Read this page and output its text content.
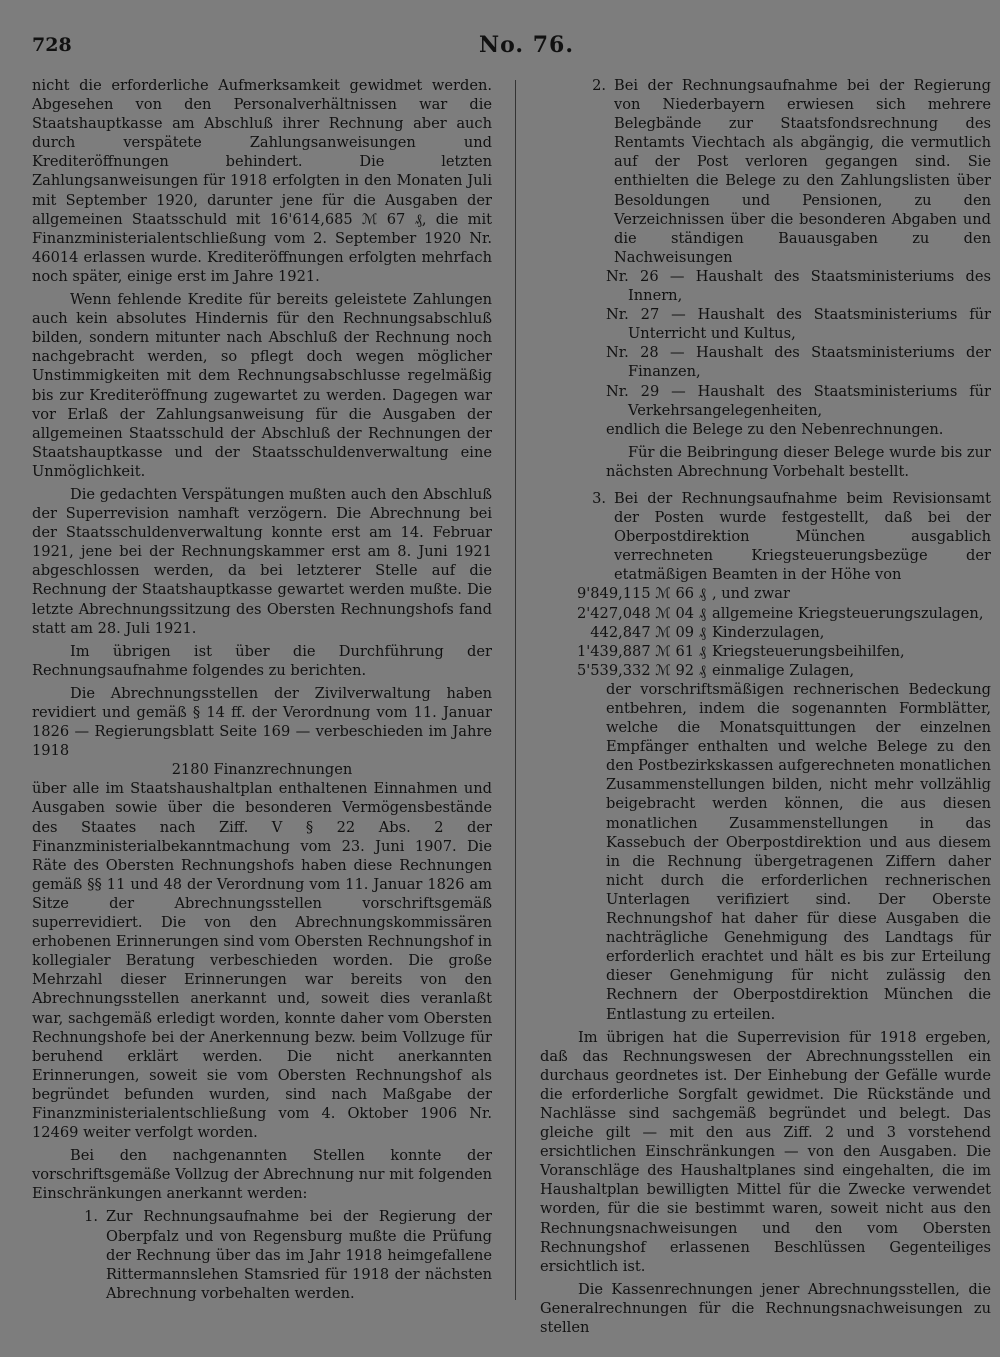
728	No. 76.

nicht die erforderliche Aufmerksamkeit gewidmet werden. Abgesehen von den Personalverhältnissen war die Staatshauptkasse am Abschluß ihrer Rechnung aber auch durch verspätete Zahlungsanweisungen und Krediteröffnungen behindert. Die letzten Zahlungsanweisungen für 1918 erfolgten in den Monaten Juli mit September 1920, darunter jene für die Ausgaben der allgemeinen Staatsschuld mit 16'614,685 ℳ 67 ₰, die mit Finanzministerialentschließung vom 2. September 1920 Nr. 46014 erlassen wurde. Krediteröffnungen erfolgten mehrfach noch später, einige erst im Jahre 1921.

Wenn fehlende Kredite für bereits geleistete Zahlungen auch kein absolutes Hindernis für den Rechnungsabschluß bilden, sondern mitunter nach Abschluß der Rechnung noch nachgebracht werden, so pflegt doch wegen möglicher Unstimmigkeiten mit dem Rechnungsabschlusse regelmäßig bis zur Krediteröffnung zugewartet zu werden. Dagegen war vor Erlaß der Zahlungsanweisung für die Ausgaben der allgemeinen Staatsschuld der Abschluß der Rechnungen der Staatshauptkasse und der Staatsschuldenverwaltung eine Unmöglichkeit.

Die gedachten Verspätungen mußten auch den Abschluß der Superrevision namhaft verzögern. Die Abrechnung bei der Staatsschuldenverwaltung konnte erst am 14. Februar 1921, jene bei der Rechnungskammer erst am 8. Juni 1921 abgeschlossen werden, da bei letzterer Stelle auf die Rechnung der Staatshauptkasse gewartet werden mußte. Die letzte Abrechnungssitzung des Obersten Rechnungshofs fand statt am 28. Juli 1921.

Im übrigen ist über die Durchführung der Rechnungsaufnahme folgendes zu berichten.

Die Abrechnungsstellen der Zivilverwaltung haben revidiert und gemäß § 14 ff. der Verordnung vom 11. Januar 1826 — Regierungsblatt Seite 169 — verbeschieden im Jahre 1918

2180 Finanzrechnungen

über alle im Staatshaushaltplan enthaltenen Einnahmen und Ausgaben sowie über die besonderen Vermögensbestände des Staates nach Ziff. V § 22 Abs. 2 der Finanzministerialbekanntmachung vom 23. Juni 1907. Die Räte des Obersten Rechnungshofs haben diese Rechnungen gemäß §§ 11 und 48 der Verordnung vom 11. Januar 1826 am Sitze der Abrechnungsstellen vorschriftsgemäß superrevidiert. Die von den Abrechnungskommissären erhobenen Erinnerungen sind vom Obersten Rechnungshof in kollegialer Beratung verbeschieden worden. Die große Mehrzahl dieser Erinnerungen war bereits von den Abrechnungsstellen anerkannt und, soweit dies veranlaßt war, sachgemäß erledigt worden, konnte daher vom Obersten Rechnungshofe bei der Anerkennung bezw. beim Vollzuge für beruhend erklärt werden. Die nicht anerkannten Erinnerungen, soweit sie vom Obersten Rechnungshof als begründet befunden wurden, sind nach Maßgabe der Finanzministerialentschließung vom 4. Oktober 1906 Nr. 12469 weiter verfolgt worden.

Bei den nachgenannten Stellen konnte der vorschriftsgemäße Vollzug der Abrechnung nur mit folgenden Einschränkungen anerkannt werden:

1. Zur Rechnungsaufnahme bei der Regierung der Oberpfalz und von Regensburg mußte die Prüfung der Rechnung über das im Jahr 1918 heimgefallene Rittermannslehen Stamsried für 1918 der nächsten Abrechnung vorbehalten werden.
2. Bei der Rechnungsaufnahme bei der Regierung von Niederbayern erwiesen sich mehrere Belegbände zur Staatsfondsrechnung des Rentamts Viechtach als abgängig, die vermutlich auf der Post verloren gegangen sind. Sie enthielten die Belege zu den Zahlungslisten über Besoldungen und Pensionen, zu den Verzeichnissen über die besonderen Abgaben und die ständigen Bauausgaben zu den Nachweisungen

Nr. 26 — Haushalt des Staatsministeriums des Innern,

Nr. 27 — Haushalt des Staatsministeriums für Unterricht und Kultus,

Nr. 28 — Haushalt des Staatsministeriums der Finanzen,

Nr. 29 — Haushalt des Staatsministeriums für Verkehrsangelegenheiten,

endlich die Belege zu den Nebenrechnungen.

Für die Beibringung dieser Belege wurde bis zur nächsten Abrechnung Vorbehalt bestellt.

3. Bei der Rechnungsaufnahme beim Revisionsamt der Posten wurde festgestellt, daß bei der Oberpostdirektion München ausgablich verrechneten Kriegsteuerungsbezüge der etatmäßigen Beamten in der Höhe von
9'849,115 ℳ 66 ₰ , und zwar
2'427,048 ℳ 04 ₰ allgemeine Kriegsteuerungszulagen,
442,847 ℳ 09 ₰ Kinderzulagen,
1'439,887 ℳ 61 ₰ Kriegsteuerungsbeihilfen,
5'539,332 ℳ 92 ₰ einmalige Zulagen,

der vorschriftsmäßigen rechnerischen Bedeckung entbehren, indem die sogenannten Formblätter, welche die Monatsquittungen der einzelnen Empfänger enthalten und welche Belege zu den den Postbezirkskassen aufgerechneten monatlichen Zusammenstellungen bilden, nicht mehr vollzählig beigebracht werden können, die aus diesen monatlichen Zusammenstellungen in das Kassebuch der Oberpostdirektion und aus diesem in die Rechnung übergetragenen Ziffern daher nicht durch die erforderlichen rechnerischen Unterlagen verifiziert sind. Der Oberste Rechnungshof hat daher für diese Ausgaben die nachträgliche Genehmigung des Landtags für erforderlich erachtet und hält es bis zur Erteilung dieser Genehmigung für nicht zulässig den Rechnern der Oberpostdirektion München die Entlastung zu erteilen.

Im übrigen hat die Superrevision für 1918 ergeben, daß das Rechnungswesen der Abrechnungsstellen ein durchaus geordnetes ist. Der Einhebung der Gefälle wurde die erforderliche Sorgfalt gewidmet. Die Rückstände und Nachlässe sind sachgemäß begründet und belegt. Das gleiche gilt — mit den aus Ziff. 2 und 3 vorstehend ersichtlichen Einschränkungen — von den Ausgaben. Die Voranschläge des Haushaltplanes sind eingehalten, die im Haushaltplan bewilligten Mittel für die Zwecke verwendet worden, für die sie bestimmt waren, soweit nicht aus den Rechnungsnachweisungen und den vom Obersten Rechnungshof erlassenen Beschlüssen Gegenteiliges ersichtlich ist.

Die Kassenrechnungen jener Abrechnungsstellen, die Generalrechnungen für die Rechnungsnachweisungen zu stellen
